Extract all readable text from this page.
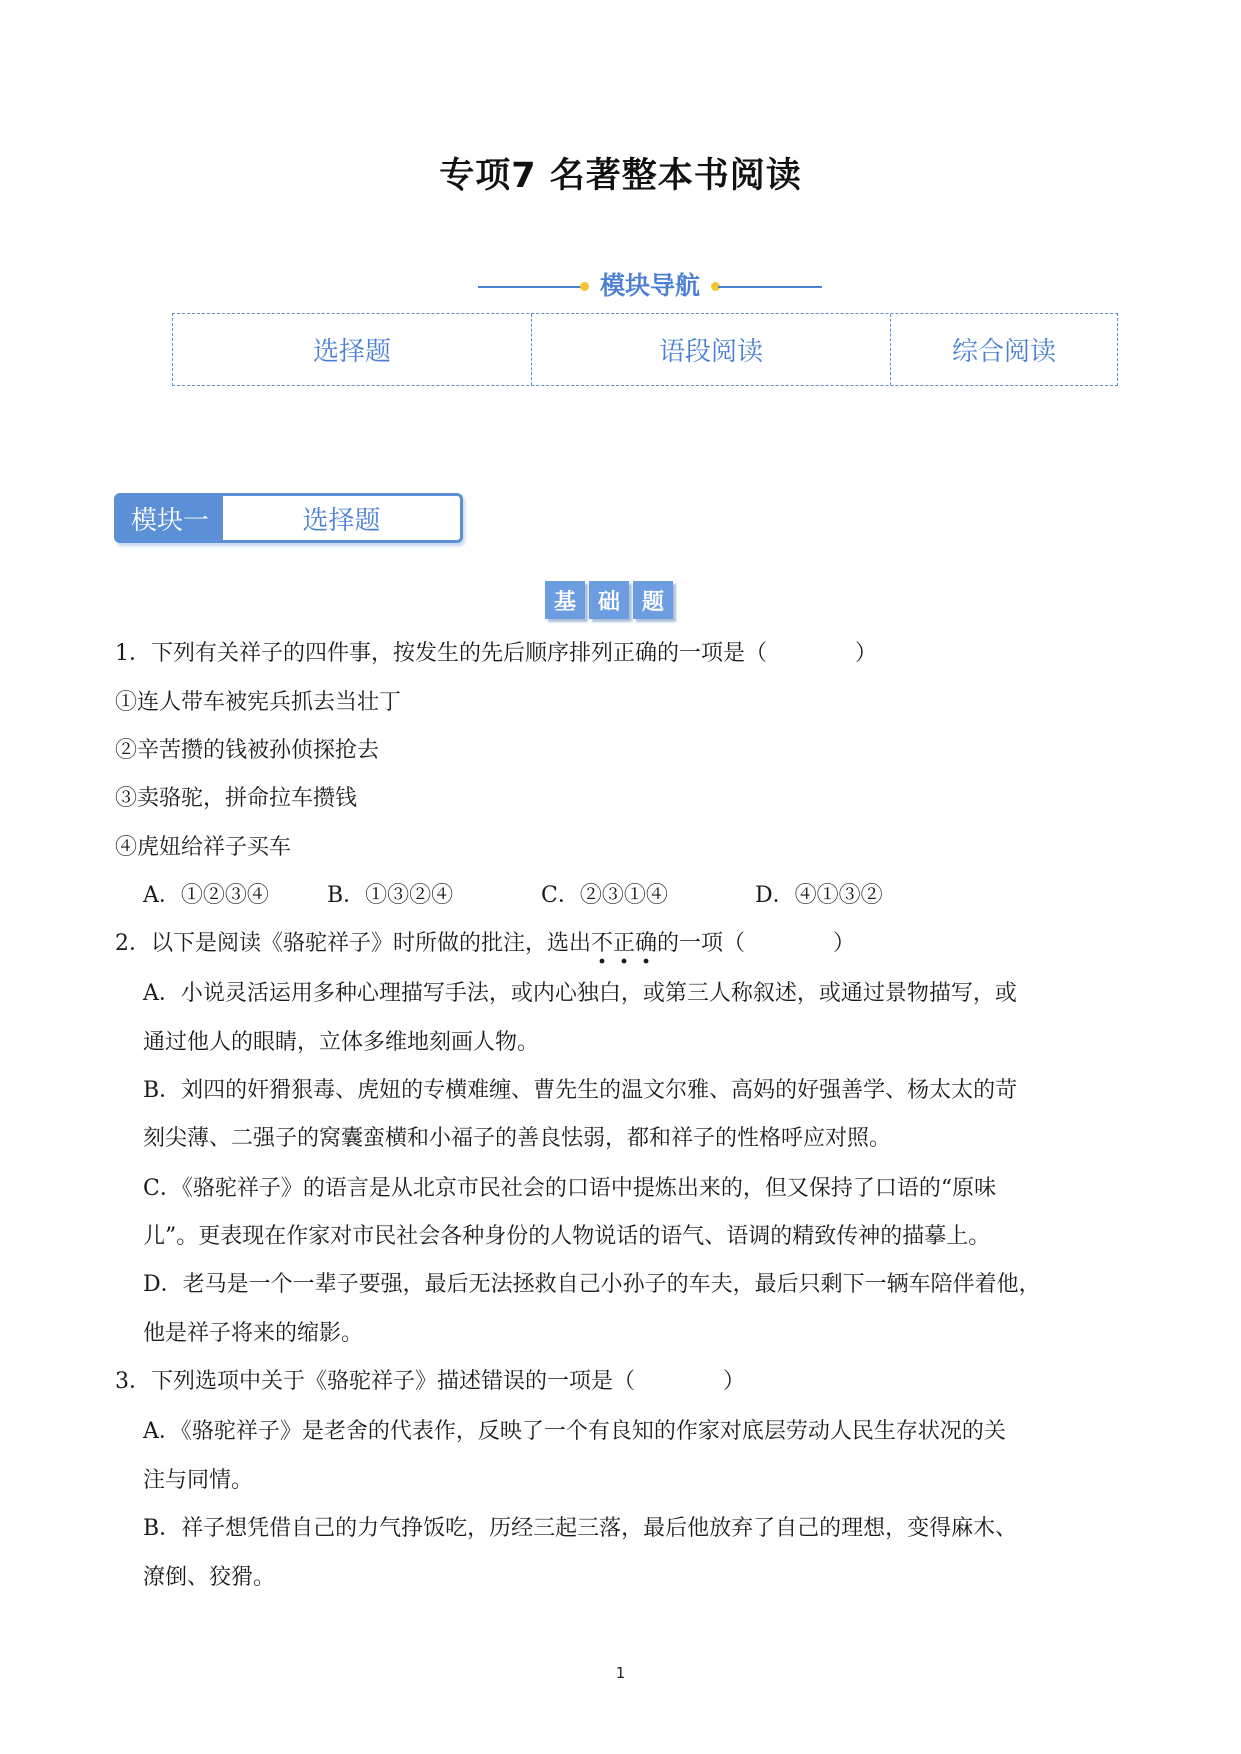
专项7 名著整本书阅读
模块导航
选择题	语段阅读	综合阅读
模块一	选择题
基 础 题
1．下列有关祥子的四件事，按发生的先后顺序排列正确的一项是（　　　　）
①连人带车被宪兵抓去当壮丁
②辛苦攒的钱被孙侦探抢去
③卖骆驼，拼命拉车攒钱
④虎妞给祥子买车
A．①②③④	B．①③②④	C．②③①④	D．④①③②
2．以下是阅读《骆驼祥子》时所做的批注，选出不正确的一项（　　　　）
A．小说灵活运用多种心理描写手法，或内心独白，或第三人称叙述，或通过景物描写，或
通过他人的眼睛，立体多维地刻画人物。
B．刘四的奸猾狠毒、虎妞的专横难缠、曹先生的温文尔雅、高妈的好强善学、杨太太的苛
刻尖薄、二强子的窝囊蛮横和小福子的善良怯弱，都和祥子的性格呼应对照。
C．《骆驼祥子》的语言是从北京市民社会的口语中提炼出来的，但又保持了口语的“原味
儿”。更表现在作家对市民社会各种身份的人物说话的语气、语调的精致传神的描摹上。
D．老马是一个一辈子要强，最后无法拯救自己小孙子的车夫，最后只剩下一辆车陪伴着他，
他是祥子将来的缩影。
3．下列选项中关于《骆驼祥子》描述错误的一项是（　　　　）
A．《骆驼祥子》是老舍的代表作，反映了一个有良知的作家对底层劳动人民生存状况的关
注与同情。
B．祥子想凭借自己的力气挣饭吃，历经三起三落，最后他放弃了自己的理想，变得麻木、
潦倒、狡猾。
1
